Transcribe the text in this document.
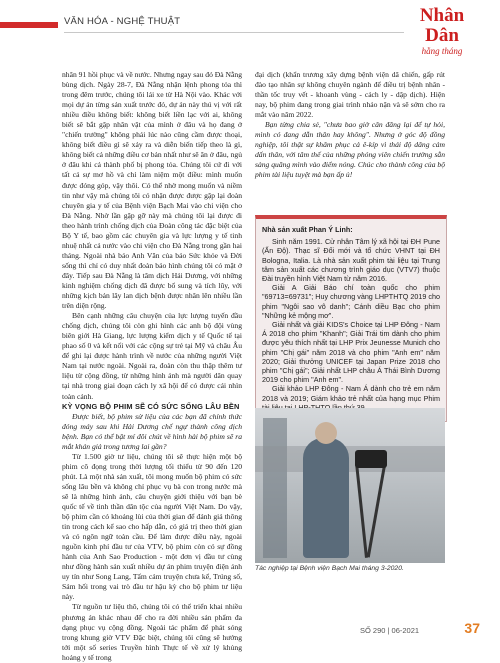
VĂN HÓA - NGHỆ THUẬT	Nhân Dân
hằng tháng

nhân 91 hồi phục và về nước. Nhưng ngay sau đó Đà Nẵng bùng dịch. Ngày 28-7, Đà Nẵng nhận lệnh phong tỏa thì trong đêm trước, chúng tôi lái xe từ Hà Nội vào. Khác với mọi dự án từng sản xuất trước đó, dự án này thú vị với rất nhiều điều không biết: không biết liền lạc với ai, không biết sẽ bắt gặp nhân vật của mình ở đâu và họ đang ở "chiến trường" không phải lúc nào cũng cầm được thoại, không biết điều gì sẽ xảy ra và diễn biến tiếp theo là gì, không biết cả những điều cơ bản nhất như sẽ ăn ở đâu, ngủ ở đâu khi cả thành phố bị phong tỏa. Chúng tôi cứ đi với tất cả sự mơ hồ và chỉ làm niệm một điều: mình muốn được đóng góp, vậy thôi. Có thể nhờ mong muốn và niềm tin như vậy mà chúng tôi có nhận được được gặp lại đoàn chuyên gia y tế của Bệnh viện Bạch Mai vào chi viện cho Đà Nẵng. Nhờ lần gặp gỡ này mà chúng tôi lại được đi theo hành trình chống dịch của Đoàn công tác đặc biệt của Bộ Y tế, bao gồm các chuyên gia và lực lượng y tế tinh nhuệ nhất cả nước vào chi viện cho Đà Nẵng trong gần hai tháng. Ngoài nhà báo Anh Văn của báo Sức khỏe và Đời sống thì chỉ có duy nhất đoàn báo hình chúng tôi có mặt ở đây. Tiếp sau Đà Nẵng là tâm dịch Hải Dương, với những kinh nghiệm chống dịch đã được bổ sung và tích lũy, với những kịch bản lây lan dịch bệnh được nhân lên nhiều lần trên diện rộng.

Bên cạnh những câu chuyện của lực lượng tuyến đầu chống dịch, chúng tôi còn ghi hình các anh bộ đội vùng biên giới Hà Giang, lực lượng kiểm dịch y tế Quốc tế tại phao số 0 và kết nối với các cộng sự trẻ tại Mỹ và châu Âu để ghi lại được hành trình về nước của những người Việt Nam tại nước ngoài. Ngoài ra, đoàn còn thu thập thêm tư liệu từ cộng đồng, từ những hình ảnh mà người dân quay tại nhà trong giai đoạn cách ly xã hội để có được cái nhìn toàn cảnh.

KỲ VỌNG BỘ PHIM SẼ CÓ SỨC SỐNG LÂU BỀN

Được biết, bộ phim sử liệu của các bạn đã chính thức đóng máy sau khi Hải Dương chế ngự thành công dịch bệnh. Bạn có thể bật mí đôi chút về hình hài bộ phim sẽ ra mắt khán giả trong tương lai gần?

Từ 1.500 giờ tư liệu, chúng tôi sẽ thực hiện một bộ phim cô đọng trong thời lượng tối thiểu từ 90 đến 120 phút. Là một nhà sản xuất, tôi mong muốn bộ phim có sức sống lâu bền và không chỉ phục vụ bà con trong nước mà sẽ là những hình ảnh, câu chuyện giới thiệu với bạn bè quốc tế về tinh thần dân tộc của người Việt Nam. Do vậy, bộ phim cần có khoảng lùi của thời gian để đánh giá thông tin trong cách kể sao cho hấp dẫn, có giá trị theo thời gian và có ngôn ngữ toàn cầu. Để làm được điều này, ngoài nguồn kinh phí đầu tư của VTV, bộ phim còn có sự đồng hành của Anh Sao Production - một đơn vị đầu tư cùng như đồng hành sản xuất nhiều dự án phim truyện điện ảnh uy tín như Song Lang, Tấm cám truyện chưa kể, Trúng số, Sám hối trong vai trò đầu tư hậu kỳ cho bộ phim tư liệu này.

Từ nguồn tư liệu thô, chúng tôi có thể triển khai nhiều phương án khác nhau để cho ra đời nhiều sản phẩm đa dạng phục vụ cộng đồng. Ngoài tác phẩm để phát sóng trong khung giờ VTV Đặc biệt, chúng tôi cũng sẽ hướng tới một số series Truyền hình Thực tế về xử lý khủng hoảng y tế trong

đại dịch (khẩn trương xây dựng bệnh viện dã chiến, gấp rút đào tạo nhân sự không chuyên ngành để điều trị bệnh nhân - thần tốc truy vết - khoanh vùng - cách ly - dập dịch). Hiện nay, bộ phim đang trong giai trình nhảo nặn và sẽ sớm cho ra mắt vào năm 2022.

Bạn từng chia sẻ, "chưa bao giờ cân đăng lại để tự hỏi, mình có đang dẫn thân hay không". Nhưng ở góc độ đồng nghiệp, tôi thật sự khâm phục cả ê-kíp vì thái độ dâng cảm dấn thân, với tâm thế của những phóng viên chiến trường sẵn sàng quăng mình vào điểm nóng. Chúc cho thành công của bộ phim tài liệu tuyệt mà bạn ấp ủ!

Nhà sản xuất Phan Ý Linh:

Sinh năm 1991. Cử nhân Tâm lý xã hội tại ĐH Pune (Ấn Độ). Thạc sĩ Đổi mới và tổ chức VHNT tại ĐH Bologna, Italia. Là nhà sản xuất phim tài liệu tại Trung tâm sản xuất các chương trình giáo dục (VTV7) thuộc Đài truyền hình Việt Nam từ năm 2016.

Giải A Giải Báo chí toàn quốc cho phim "69713=69731"; Huy chương vàng LHPTHTQ 2019 cho phim "Ngôi sao vô danh"; Cánh diều Bạc cho phim "Những kẻ mộng mơ".

Giải nhất và giải KIDS's Choice tại LHP Đông - Nam Á 2018 cho phim "Khanh"; Giải Trái tim dành cho phim được yêu thích nhất tại LHP Prix Jeunesse Munich cho phim "Chị gái" năm 2018 và cho phim "Anh em" năm 2020; Giải thưởng UNICEF tại Japan Prize 2018 cho phim "Chị gái"; Giải nhất LHP châu Á Thái Bình Dương 2019 cho phim "Anh em".

Giải khảo LHP Đông - Nam Á dành cho trẻ em năm 2018 và 2019; Giám khảo trẻ nhất của hạng mục Phim

Tác nghiệp tại Bệnh viện Bạch Mai tháng 3-2020.
SỐ 290 | 06-2021	37
